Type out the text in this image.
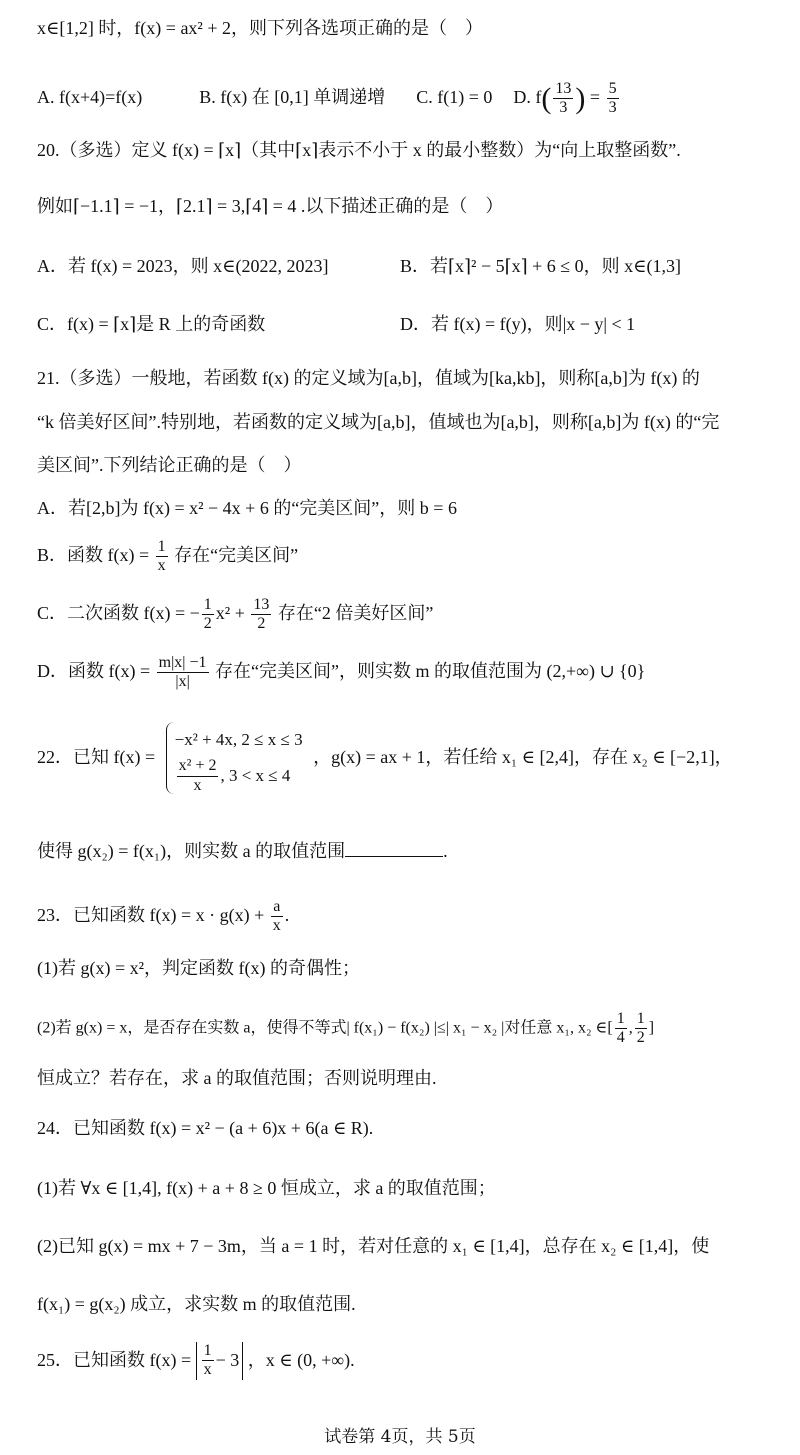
x∈[1,2] 时，f(x) = ax² + 2，则下列各选项正确的是（　）
A. f(x+4)=f(x)	B. f(x) 在 [0,1] 单调递增 C. f(1) = 0 D. $f( \frac{13}{3}$ ) = $\frac{5}{3}$
20.（多选）定义 f(x) = ⌈x⌉（其中⌈x⌉表示不小于 x 的最小整数）为“向上取整函数”.
例如⌈−1.1⌉ = −1，⌈2.1⌉ = 3,⌈4⌉ = 4 .以下描述正确的是（　）
A．若 f(x) = 2023，则 x∈(2022, 2023]	B．若⌈x⌉² − 5⌈x⌉ + 6 ≤ 0，则 x∈(1,3]
C．f(x) = ⌈x⌉是 R 上的奇函数	D．若 f(x) = f(y)，则|x − y| < 1
21.（多选）一般地，若函数 f(x) 的定义域为[a,b]，值域为[ka,kb]，则称[a,b]为 f(x) 的
“k 倍美好区间”.特别地，若函数的定义域为[a,b]，值域也为[a,b]，则称[a,b]为 f(x) 的“完
美区间”.下列结论正确的是（　）
A．若[2,b]为 f(x) = x² − 4x + 6 的“完美区间”，则 b = 6
B．函数 $f(x) = \frac{1}{x}$ 存在“完美区间”
C．二次函数 f(x) = − $\frac{1}{2} x^2 + \frac{13}{2}$ 存在“2 倍美好区间”
D．函数 $f(x) = \frac{m|x| -1}{|x|}$ 存在“完美区间”，则实数 m 的取值范围为 (2,+∞) ∪ {0}
22．已知 f(x) =
−x² + 4x, 2 ≤ x ≤ 3
$\frac{\text{x² + 2}}{x}$ , 3 < x ≤ 4
，g(x) = ax + 1，若任给 x₁ ∈ [2,4]，存在 x₂ ∈ [−2,1]，
使得 g(x₂) = f(x₁)，则实数 a 的取值范围	.
23．已知函数 $f(x) = x \cdot g(x) + \frac{a}{x}$ .
(1)若 g(x) = x²，判定函数 f(x) 的奇偶性；
(2)若 g(x) = x，是否存在实数 a，使得不等式| f(x₁) − f(x₂) |≤| x₁ − x₂ |对任意 x₁, x₂ ∈[ $\frac{1}{4}$ , $\frac{1}{2}$ ]
恒成立？若存在，求 a 的取值范围；否则说明理由.
24．已知函数 f(x) = x² − (a + 6)x + 6(a ∈ R).
(1)若 ∀x ∈ [1,4], f(x) + a + 8 ≥ 0 恒成立，求 a 的取值范围；
(2)已知 g(x) = mx + 7 − 3m，当 a = 1 时，若对任意的 x₁ ∈ [1,4]，总存在 x₂ ∈ [1,4]，使
f(x₁) = g(x₂) 成立，求实数 m 的取值范围.
25．已知函数 $f(x) = \frac{1}{x} - 3$ ，x ∈ (0, +∞).
试卷第 4页，共 5页
